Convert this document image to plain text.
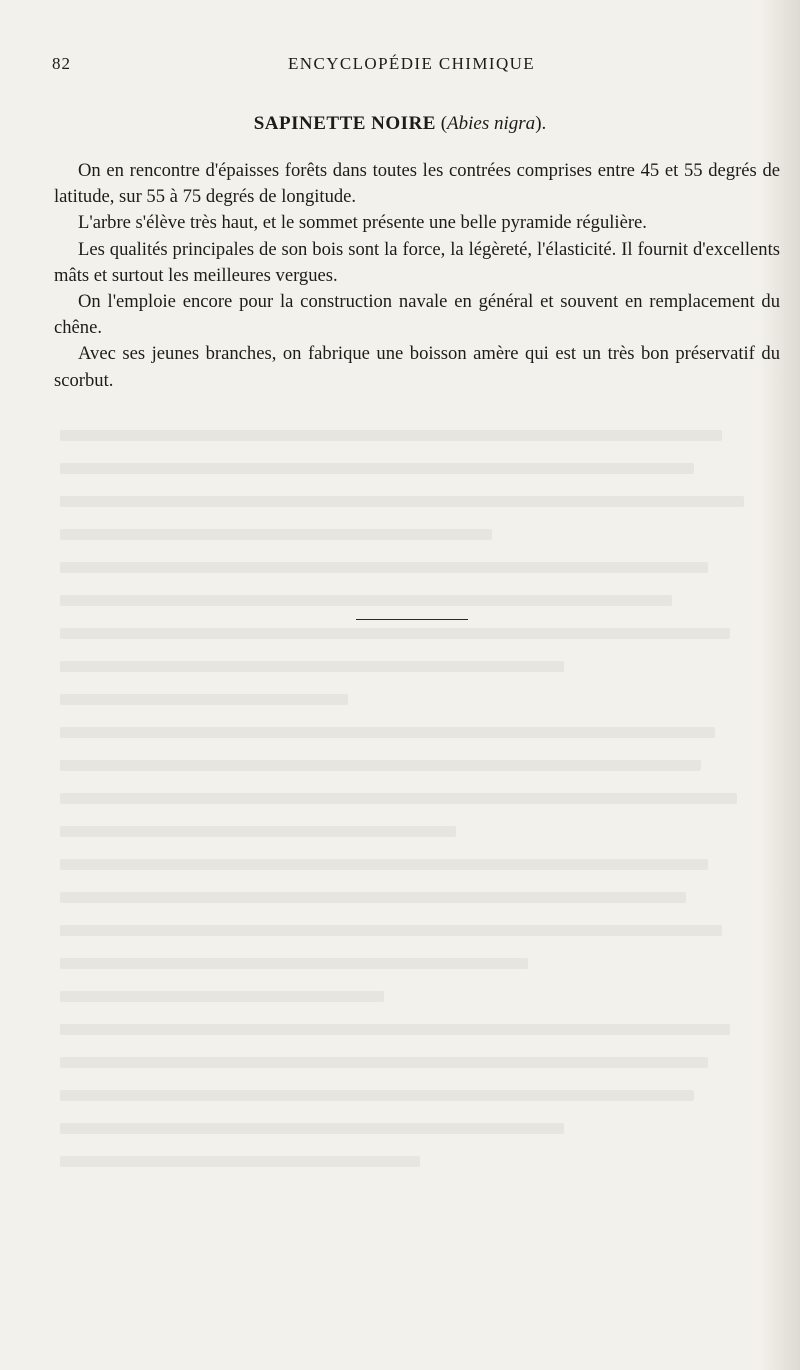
82	ENCYCLOPÉDIE CHIMIQUE
SAPINETTE NOIRE (Abies nigra).

On en rencontre d'épaisses forêts dans toutes les contrées comprises entre 45 et 55 degrés de latitude, sur 55 à 75 degrés de longitude.

L'arbre s'élève très haut, et le sommet présente une belle pyramide régulière.

Les qualités principales de son bois sont la force, la légèreté, l'élasticité. Il fournit d'excellents mâts et surtout les meilleures vergues.

On l'emploie encore pour la construction navale en général et souvent en remplacement du chêne.

Avec ses jeunes branches, on fabrique une boisson amère qui est un très bon préservatif du scorbut.
